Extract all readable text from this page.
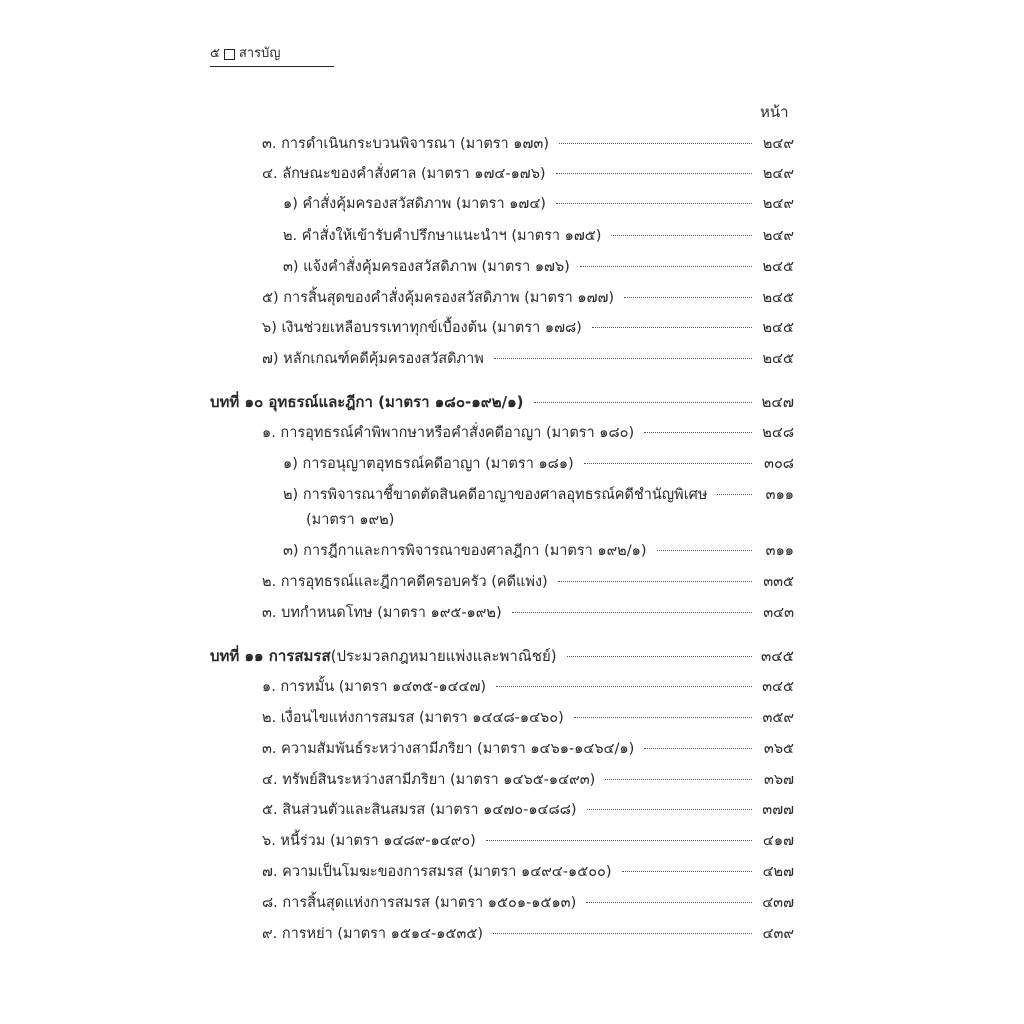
๕ สารบัญ
หน้า
๓. การดำเนินกระบวนพิจารณา (มาตรา ๑๗๓)	๒๔๙
๔. ลักษณะของคำสั่งศาล (มาตรา ๑๗๔-๑๗๖)	๒๔๙
๑) คำสั่งคุ้มครองสวัสดิภาพ (มาตรา ๑๗๔)	๒๔๙
๒. คำสั่งให้เข้ารับคำปรึกษาแนะนำฯ (มาตรา ๑๗๕)	๒๔๙
๓) แจ้งคำสั่งคุ้มครองสวัสดิภาพ (มาตรา ๑๗๖)	๒๔๕
๕) การสิ้นสุดของคำสั่งคุ้มครองสวัสดิภาพ (มาตรา ๑๗๗)	๒๔๕
๖) เงินช่วยเหลือบรรเทาทุกข์เบื้องต้น (มาตรา ๑๗๘)	๒๔๕
๗) หลักเกณฑ์คดีคุ้มครองสวัสดิภาพ	๒๔๕
บทที่ ๑๐ อุทธรณ์และฎีกา (มาตรา ๑๘๐-๑๙๒/๑)	๒๔๗
๑. การอุทธรณ์คำพิพากษาหรือคำสั่งคดีอาญา (มาตรา ๑๘๐)	๒๔๘
๑) การอนุญาตอุทธรณ์คดีอาญา (มาตรา ๑๘๑)	๓๐๘
๒) การพิจารณาชี้ขาดตัดสินคดีอาญาของศาลอุทธรณ์คดีชำนัญพิเศษ	๓๑๑
(มาตรา ๑๙๒)
๓) การฎีกาและการพิจารณาของศาลฎีกา (มาตรา ๑๙๒/๑)	๓๑๑
๒. การอุทธรณ์และฎีกาคดีครอบครัว (คดีแพ่ง)	๓๓๕
๓. บทกำหนดโทษ (มาตรา ๑๙๕-๑๙๒)	๓๔๓
บทที่ ๑๑ การสมรส (ประมวลกฎหมายแพ่งและพาณิชย์)	๓๔๕
๑. การหมั้น (มาตรา ๑๔๓๕-๑๔๔๗)	๓๔๕
๒. เงื่อนไขแห่งการสมรส (มาตรา ๑๔๔๘-๑๔๖๐)	๓๕๙
๓. ความสัมพันธ์ระหว่างสามีภริยา (มาตรา ๑๔๖๑-๑๔๖๔/๑)	๓๖๕
๔. ทรัพย์สินระหว่างสามีภริยา (มาตรา ๑๔๖๕-๑๔๙๓)	๓๖๗
๕. สินส่วนตัวและสินสมรส (มาตรา ๑๔๗๐-๑๔๘๘)	๓๗๗
๖. หนี้ร่วม (มาตรา ๑๔๘๙-๑๔๙๐)	๔๑๗
๗. ความเป็นโมฆะของการสมรส (มาตรา ๑๔๙๔-๑๕๐๐)	๔๒๗
๘. การสิ้นสุดแห่งการสมรส (มาตรา ๑๕๐๑-๑๕๑๓)	๔๓๗
๙. การหย่า (มาตรา ๑๕๑๔-๑๕๓๕)	๔๓๙
